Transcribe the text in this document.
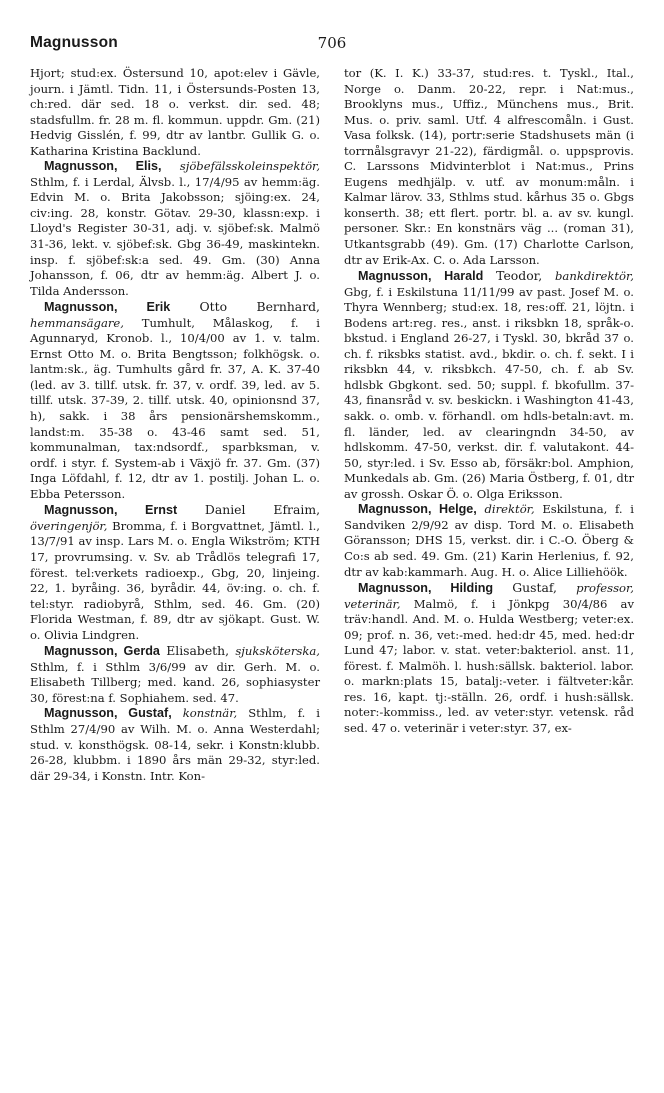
Magnusson	706

Hjort; stud:ex. Östersund 10, apot:elev i Gävle, journ. i Jämtl. Tidn. 11, i Östersunds-Posten 13, ch:red. där sed. 18 o. verkst. dir. sed. 48; stadsfullm. fr. 28 m. fl. kommun. uppdr. Gm. (21) Hedvig Gisslén, f. 99, dtr av lantbr. Gullik G. o. Katharina Kristina Backlund.

Magnusson, Elis, sjöbefälsskoleinspektör, Sthlm, f. i Lerdal, Älvsb. l., 17/4/95 av hemm:äg. Edvin M. o. Brita Jakobsson; sjöing:ex. 24, civ:ing. 28, konstr. Götav. 29-30, klassn:exp. i Lloyd's Register 30-31, adj. v. sjöbef:sk. Malmö 31-36, lekt. v. sjöbef:sk. Gbg 36-49, maskintekn. insp. f. sjöbef:sk:a sed. 49. Gm. (30) Anna Johansson, f. 06, dtr av hemm:äg. Albert J. o. Tilda Andersson.

Magnusson, Erik Otto Bernhard, hemmansägare, Tumhult, Målaskog, f. i Agunnaryd, Kronob. l., 10/4/00 av 1. v. talm. Ernst Otto M. o. Brita Bengtsson; folkhögsk. o. lantm:sk., äg. Tumhults gård fr. 37, A. K. 37-40 (led. av 3. tillf. utsk. fr. 37, v. ordf. 39, led. av 5. tillf. utsk. 37-39, 2. tillf. utsk. 40, opinionsnd 37, h), sakk. i 38 års pensionärshemskomm., landst:m. 35-38 o. 43-46 samt sed. 51, kommunalman, tax:ndsordf., sparbksman, v. ordf. i styr. f. System-ab i Växjö fr. 37. Gm. (37) Inga Löfdahl, f. 12, dtr av 1. postilj. Johan L. o. Ebba Petersson.

Magnusson, Ernst Daniel Efraim, överingenjör, Bromma, f. i Borgvattnet, Jämtl. l., 13/7/91 av insp. Lars M. o. Engla Wikström; KTH 17, provrumsing. v. Sv. ab Trådlös telegrafi 17, förest. tel:verkets radioexp., Gbg, 20, linjeing. 22, 1. byråing. 36, byrådir. 44, öv:ing. o. ch. f. tel:styr. radiobyrå, Sthlm, sed. 46. Gm. (20) Florida Westman, f. 89, dtr av sjökapt. Gust. W. o. Olivia Lindgren.

Magnusson, Gerda Elisabeth, sjuksköterska, Sthlm, f. i Sthlm 3/6/99 av dir. Gerh. M. o. Elisabeth Tillberg; med. kand. 26, sophiasyster 30, förest:na f. Sophiahem. sed. 47.

Magnusson, Gustaf, konstnär, Sthlm, f. i Sthlm 27/4/90 av Wilh. M. o. Anna Westerdahl; stud. v. konsthögsk. 08-14, sekr. i Konstn:klubb. 26-28, klubbm. i 1890 års män 29-32, styr:led. där 29-34, i Konstn. Intr. Kon-

tor (K. I. K.) 33-37, stud:res. t. Tyskl., Ital., Norge o. Danm. 20-22, repr. i Nat:mus., Brooklyns mus., Uffiz., Münchens mus., Brit. Mus. o. priv. saml. Utf. 4 alfrescomåln. i Gust. Vasa folksk. (14), portr:serie Stadshusets män (i torrnålsgravyr 21-22), färdigmål. o. uppsprovis. C. Larssons Midvinterblot i Nat:mus., Prins Eugens medhjälp. v. utf. av monum:måln. i Kalmar lärov. 33, Sthlms stud. kårhus 35 o. Gbgs konserth. 38; ett flert. portr. bl. a. av sv. kungl. personer. Skr.: En konstnärs väg ... (roman 31), Utkantsgrabb (49). Gm. (17) Charlotte Carlson, dtr av Erik-Ax. C. o. Ada Larsson.

Magnusson, Harald Teodor, bankdirektör, Gbg, f. i Eskilstuna 11/11/99 av past. Josef M. o. Thyra Wennberg; stud:ex. 18, res:off. 21, löjtn. i Bodens art:reg. res., anst. i riksbkn 18, språk-o. bkstud. i England 26-27, i Tyskl. 30, bkråd 37 o. ch. f. riksbks statist. avd., bkdir. o. ch. f. sekt. I i riksbkn 44, v. riksbkch. 47-50, ch. f. ab Sv. hdlsbk Gbgkont. sed. 50; suppl. f. bkofullm. 37-43, finansråd v. sv. beskickn. i Washington 41-43, sakk. o. omb. v. förhandl. om hdls-betaln:avt. m. fl. länder, led. av clearingndn 34-50, av hdlskomm. 47-50, verkst. dir. f. valutakont. 44-50, styr:led. i Sv. Esso ab, försäkr:bol. Amphion, Munkedals ab. Gm. (26) Maria Östberg, f. 01, dtr av grossh. Oskar Ö. o. Olga Eriksson.

Magnusson, Helge, direktör, Eskilstuna, f. i Sandviken 2/9/92 av disp. Tord M. o. Elisabeth Göransson; DHS 15, verkst. dir. i C.-O. Öberg & Co:s ab sed. 49. Gm. (21) Karin Herlenius, f. 92, dtr av kab:kammarh. Aug. H. o. Alice Lilliehöök.

Magnusson, Hilding Gustaf, professor, veterinär, Malmö, f. i Jönkpg 30/4/86 av träv:handl. And. M. o. Hulda Westberg; veter:ex. 09; prof. n. 36, vet:-med. hed:dr 45, med. hed:dr Lund 47; labor. v. stat. veter:bakteriol. anst. 11, förest. f. Malmöh. l. hush:sällsk. bakteriol. labor. o. markn:plats 15, batalj:-veter. i fältveter:kår. res. 16, kapt. tj:-ställn. 26, ordf. i hush:sällsk. noter:-kommiss., led. av veter:styr. vetensk. råd sed. 47 o. veterinär i veter:styr. 37, ex-
